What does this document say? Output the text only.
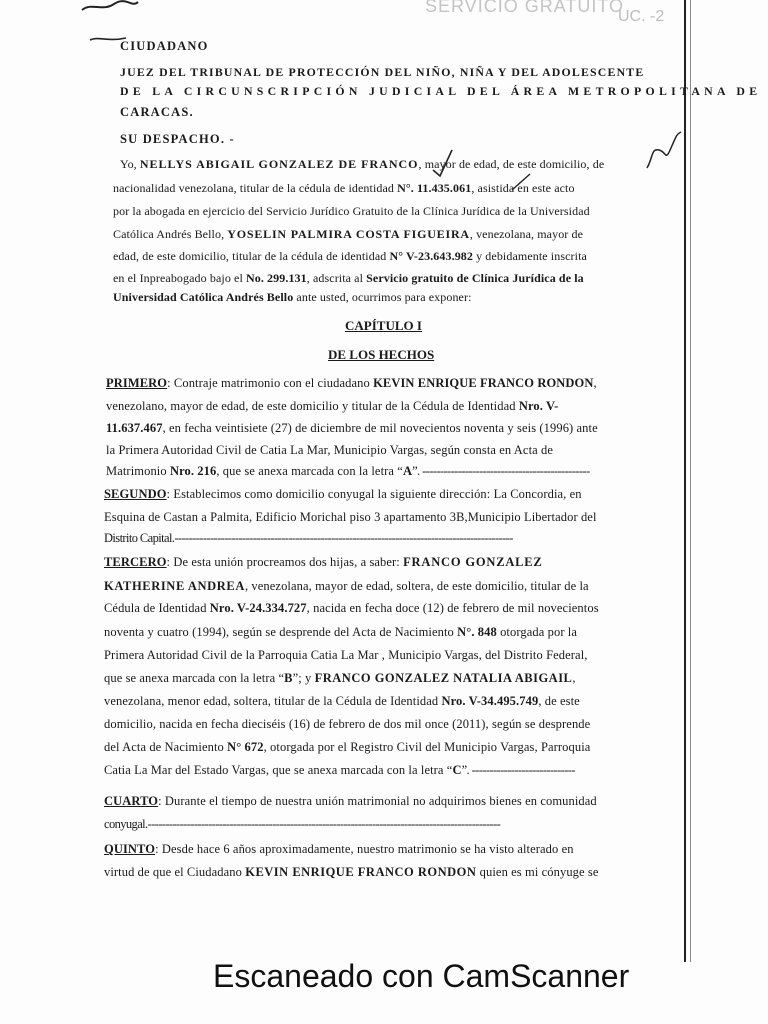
SERVICIO GRATUITO
UC. -2
CIUDADANO
JUEZ DEL TRIBUNAL DE PROTECCIÓN DEL NIÑO, NIÑA Y DEL ADOLESCENTE
DE LA CIRCUNSCRIPCIÓN JUDICIAL DEL ÁREA METROPOLITANA DE
CARACAS.
SU DESPACHO. -
Yo, NELLYS ABIGAIL GONZALEZ DE FRANCO, mayor de edad, de este domicilio, de
nacionalidad venezolana, titular de la cédula de identidad N°. 11.435.061, asistida en este acto
por la abogada en ejercicio del Servicio Jurídico Gratuito de la Clínica Jurídica de la Universidad
Católica Andrés Bello, YOSELIN PALMIRA COSTA FIGUEIRA, venezolana, mayor de
edad, de este domicilio, titular de la cédula de identidad N° V-23.643.982 y debidamente inscrita
en el Inpreabogado bajo el No. 299.131, adscrita al Servicio gratuito de Clínica Jurídica de la
Universidad Católica Andrés Bello ante usted, ocurrimos para exponer:
CAPÍTULO I
DE LOS HECHOS
PRIMERO: Contraje matrimonio con el ciudadano KEVIN ENRIQUE FRANCO RONDON,
venezolano, mayor de edad, de este domicilio y titular de la Cédula de Identidad Nro. V-
11.637.467, en fecha veintisiete (27) de diciembre de mil novecientos noventa y seis (1996) ante
la Primera Autoridad Civil de Catia La Mar, Municipio Vargas, según consta en Acta de
Matrimonio Nro. 216, que se anexa marcada con la letra “A”. -----------------------------------------------
SEGUNDO: Establecimos como domicilio conyugal la siguiente dirección: La Concordia, en
Esquina de Castan a Palmita, Edificio Morichal piso 3 apartamento 3B,Municipio Libertador del
Distrito Capital.-----------------------------------------------------------------------------------------------
TERCERO: De esta unión procreamos dos hijas, a saber: FRANCO GONZALEZ
KATHERINE ANDREA, venezolana, mayor de edad, soltera, de este domicilio, titular de la
Cédula de Identidad Nro. V-24.334.727, nacida en fecha doce (12) de febrero de mil novecientos
noventa y cuatro (1994), según se desprende del Acta de Nacimiento N°. 848 otorgada por la
Primera Autoridad Civil de la Parroquia Catia La Mar , Municipio Vargas, del Distrito Federal,
que se anexa marcada con la letra “B”; y FRANCO GONZALEZ NATALIA ABIGAIL,
venezolana, menor edad, soltera, titular de la Cédula de Identidad Nro. V-34.495.749, de este
domicilio, nacida en fecha dieciséis (16) de febrero de dos mil once (2011), según se desprende
del Acta de Nacimiento N° 672, otorgada por el Registro Civil del Municipio Vargas, Parroquia
Catia La Mar del Estado Vargas, que se anexa marcada con la letra “C”. -----------------------------
CUARTO: Durante el tiempo de nuestra unión matrimonial no adquirimos bienes en comunidad
conyugal.---------------------------------------------------------------------------------------------------
QUINTO: Desde hace 6 años aproximadamente, nuestro matrimonio se ha visto alterado en
virtud de que el Ciudadano KEVIN ENRIQUE FRANCO RONDON quien es mi cónyuge se
Escaneado con CamScanner
